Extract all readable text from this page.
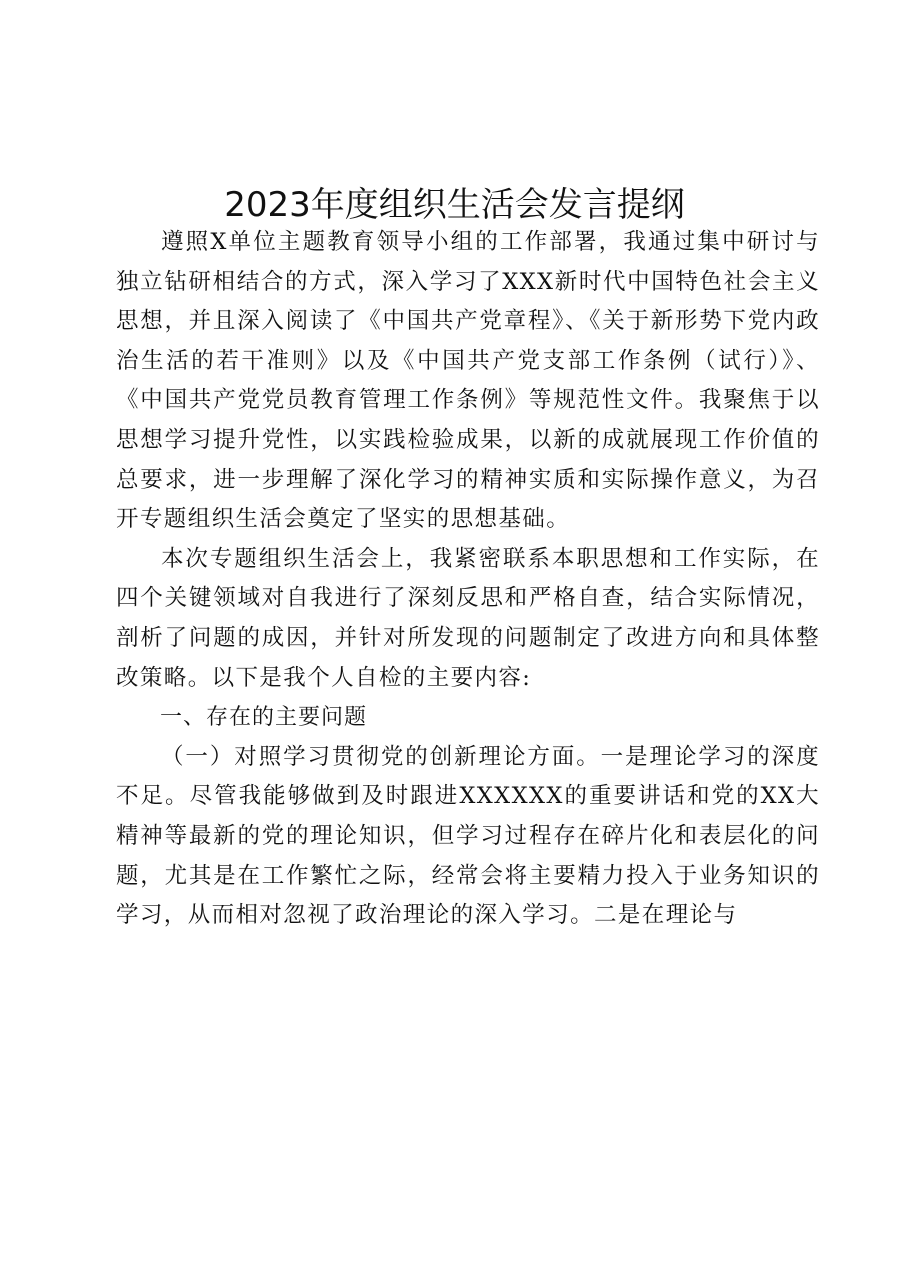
2023年度组织生活会发言提纲

遵照X单位主题教育领导小组的工作部署，我通过集中研讨与独立钻研相结合的方式，深入学习了XXX新时代中国特色社会主义思想，并且深入阅读了《中国共产党章程》、《关于新形势下党内政治生活的若干准则》以及《中国共产党支部工作条例（试行）》、《中国共产党党员教育管理工作条例》等规范性文件。我聚焦于以思想学习提升党性，以实践检验成果，以新的成就展现工作价值的总要求，进一步理解了深化学习的精神实质和实际操作意义，为召开专题组织生活会奠定了坚实的思想基础。

本次专题组织生活会上，我紧密联系本职思想和工作实际，在四个关键领域对自我进行了深刻反思和严格自查，结合实际情况，剖析了问题的成因，并针对所发现的问题制定了改进方向和具体整改策略。以下是我个人自检的主要内容:

一、存在的主要问题

（一）对照学习贯彻党的创新理论方面。一是理论学习的深度不足。尽管我能够做到及时跟进XXXXXX的重要讲话和党的XX大精神等最新的党的理论知识，但学习过程存在碎片化和表层化的问题，尤其是在工作繁忙之际，经常会将主要精力投入于业务知识的学习，从而相对忽视了政治理论的深入学习。二是在理论与
